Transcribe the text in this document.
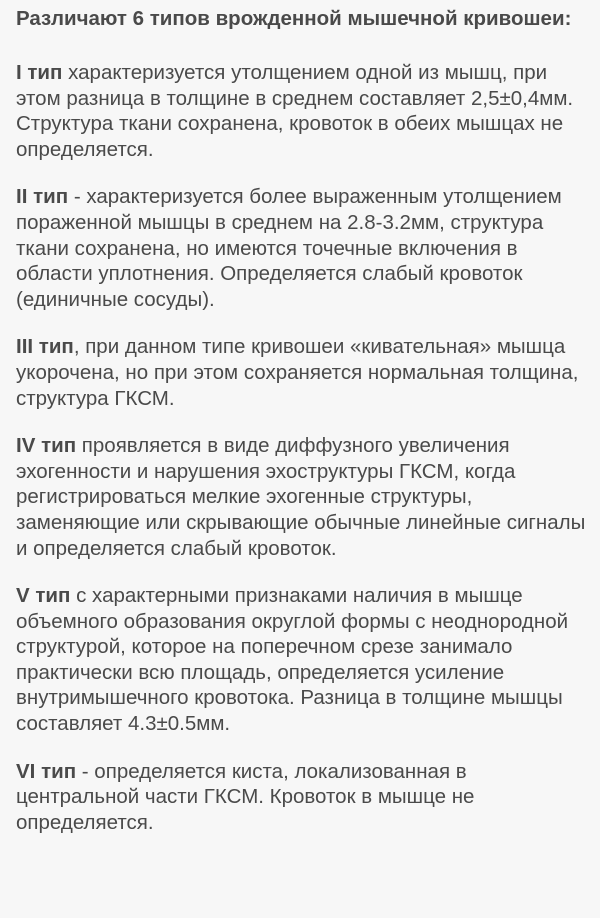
Различают 6 типов врожденной мышечной кривошеи:

I тип характеризуется утолщением одной из мышц, при этом разница в толщине в среднем составляет 2,5±0,4мм. Структура ткани сохранена, кровоток в обеих мышцах не определяется.

II тип - характеризуется более выраженным утолщением пораженной мышцы в среднем на 2.8-3.2мм, структура ткани сохранена, но имеются точечные включения в области уплотнения. Определяется слабый кровоток (единичные сосуды).

III тип, при данном типе кривошеи «кивательная» мышца укорочена, но при этом сохраняется нормальная толщина, структура ГКСМ.

IV тип проявляется в виде диффузного увеличения эхогенности и нарушения эхоструктуры ГКСМ, когда регистрироваться мелкие эхогенные структуры, заменяющие или скрывающие обычные линейные сигналы и определяется слабый кровоток.

V тип с характерными признаками наличия в мышце объемного образования округлой формы с неоднородной структурой, которое на поперечном срезе занимало практически всю площадь, определяется усиление внутримышечного кровотока. Разница в толщине мышцы составляет 4.3±0.5мм.

VI тип - определяется киста, локализованная в центральной части ГКСМ. Кровоток в мышце не определяется.
